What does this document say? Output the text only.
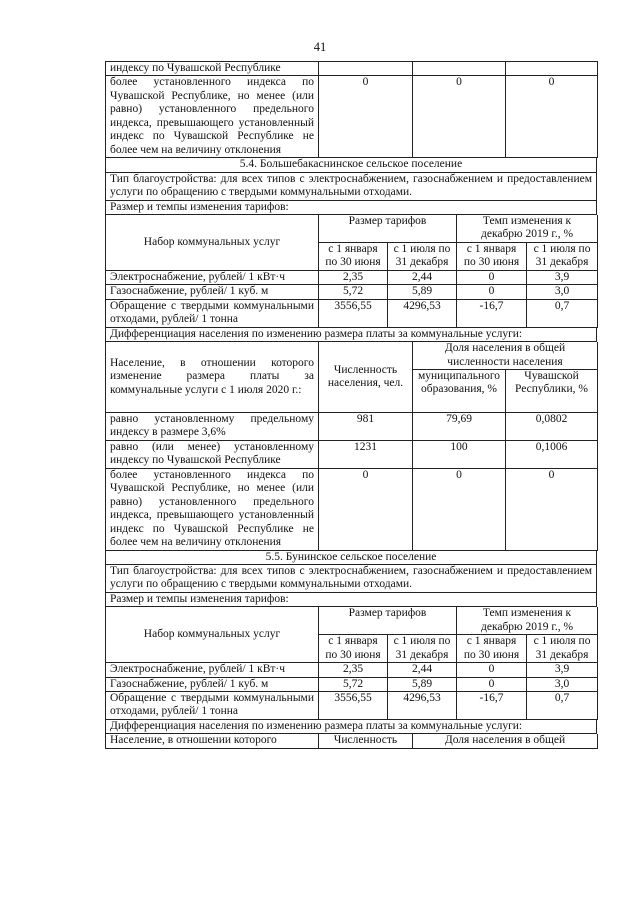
41
индексу по Чувашской Республике			
более установленного индекса по Чувашской Республике, но менее (или равно) установленного предельного индекса, превышающего установленный индекс по Чувашской Республике не более чем на величину отклонения	0	0	0
5.4. Большебакаснинское сельское поселение
Тип благоустройства: для всех типов с электроснабжением, газоснабжением и предоставлением услуги по обращению с твердыми коммунальными отходами.
Размер и темпы изменения тарифов:
Набор коммунальных услуг	Размер тарифов		Темп изменения к декабрю 2019 г., %	
	с 1 января по 30 июня	с 1 июля по 31 декабря	с 1 января по 30 июня	с 1 июля по 31 декабря
Электроснабжение, рублей/ 1 кВт·ч	2,35	2,44	0	3,9
Газоснабжение, рублей/ 1 куб. м	5,72	5,89	0	3,0
Обращение с твердыми коммунальными отходами, рублей/ 1 тонна	3556,55	4296,53	-16,7	0,7
Дифференциация населения по изменению размера платы за коммунальные услуги:
Население, в отношении которого изменение размера платы за коммунальные услуги с 1 июля 2020 г.:	Численность населения, чел.	Доля населения в общей численности населения	
		муниципального образования, %	Чувашской Республики, %
равно установленному предельному индексу в размере 3,6%	981	79,69	0,0802
равно (или менее) установленному индексу по Чувашской Республике	1231	100	0,1006
более установленного индекса по Чувашской Республике, но менее (или равно) установленного предельного индекса, превышающего установленный индекс по Чувашской Республике не более чем на величину отклонения	0	0	0
5.5. Бунинское сельское поселение
Тип благоустройства: для всех типов с электроснабжением, газоснабжением и предоставлением услуги по обращению с твердыми коммунальными отходами.
Размер и темпы изменения тарифов:
Набор коммунальных услуг	Размер тарифов		Темп изменения к декабрю 2019 г., %	
	с 1 января по 30 июня	с 1 июля по 31 декабря	с 1 января по 30 июня	с 1 июля по 31 декабря
Электроснабжение, рублей/ 1 кВт·ч	2,35	2,44	0	3,9
Газоснабжение, рублей/ 1 куб. м	5,72	5,89	0	3,0
Обращение с твердыми коммунальными отходами, рублей/ 1 тонна	3556,55	4296,53	-16,7	0,7
Дифференциация населения по изменению размера платы за коммунальные услуги:
Население, в отношении которого	Численность	Доля населения в общей
